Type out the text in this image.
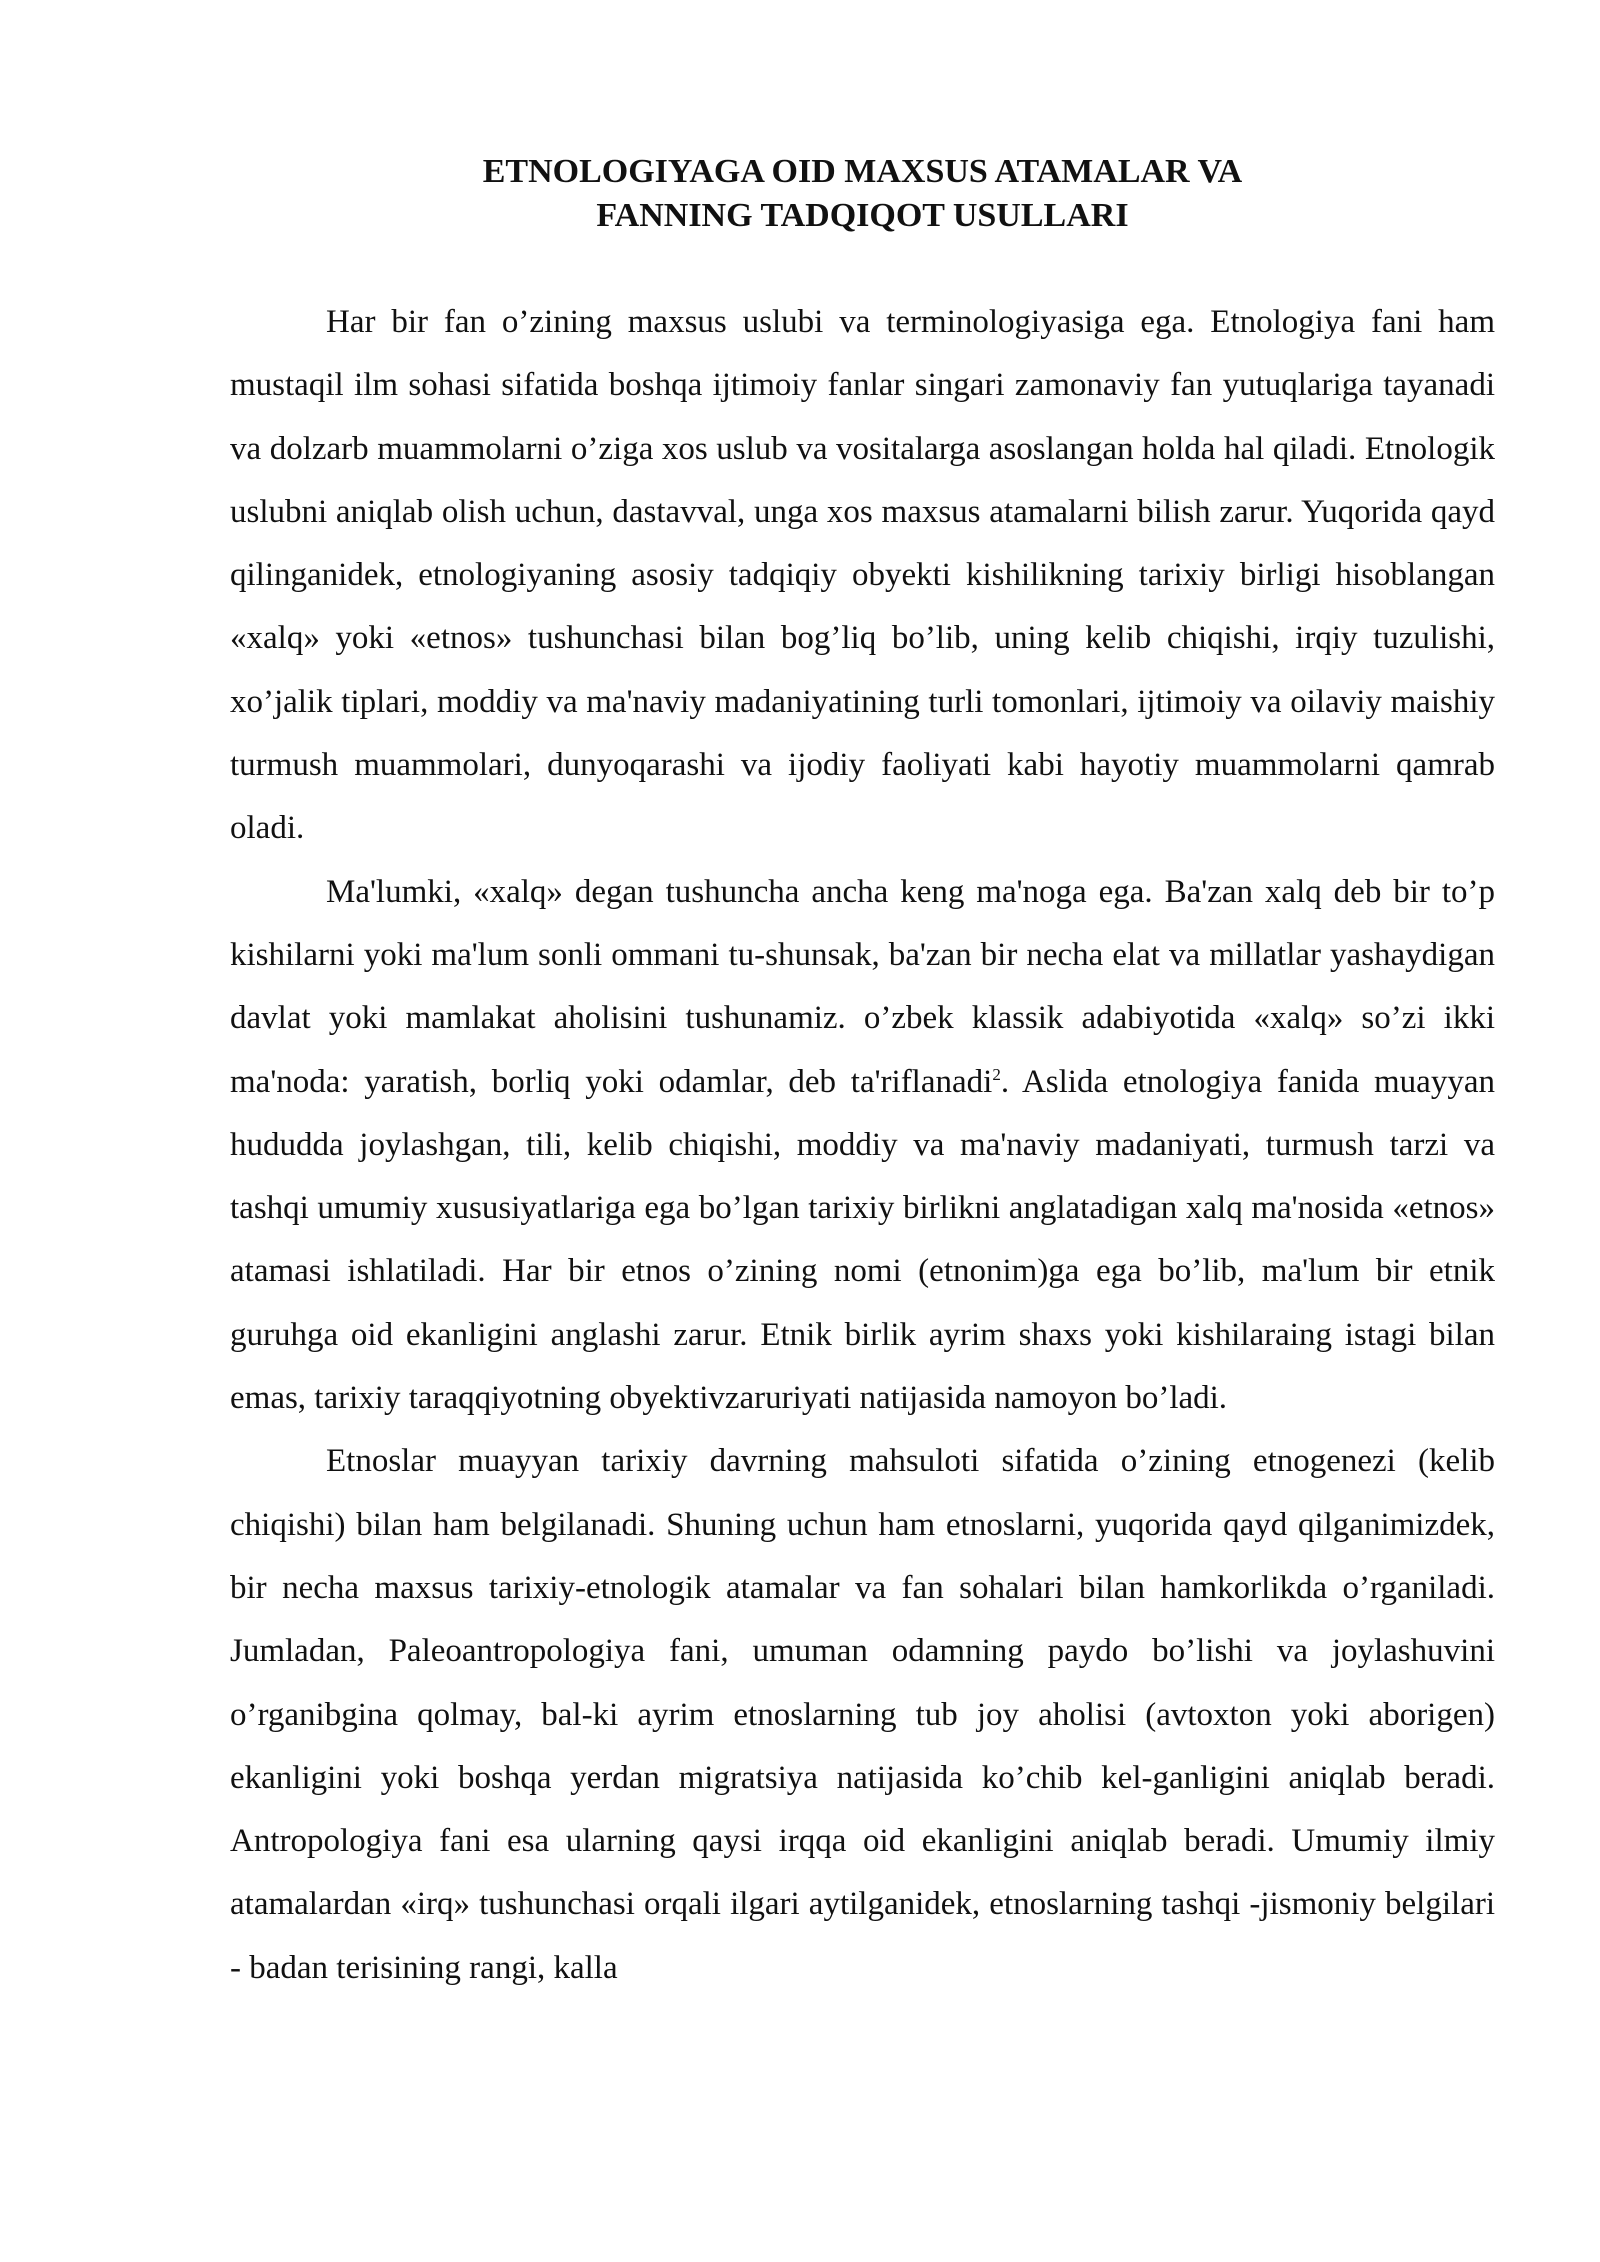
ETNOLOGIYAGA OID MAXSUS ATAMALAR VA
FANNING TADQIQOT USULLARI

Har bir fan o’zining maxsus uslubi va terminologiyasiga ega. Etnologiya fani ham mustaqil ilm sohasi sifatida boshqa ijtimoiy fanlar singari zamonaviy fan yutuqlariga tayanadi va dolzarb muammolarni o’ziga xos uslub va vositalarga asoslangan holda hal qiladi. Etnologik uslubni aniqlab olish uchun, dastavval, unga xos maxsus atamalarni bilish zarur. Yuqorida qayd qilinganidek, etnologiyaning asosiy tadqiqiy obyekti kishilikning tarixiy birligi hisoblangan «xalq» yoki «etnos» tushunchasi bilan bog’liq bo’lib, uning kelib chiqishi, irqiy tuzulishi, xo’jalik tiplari, moddiy va ma'naviy madaniyatining turli tomonlari, ijtimoiy va oilaviy maishiy turmush muammolari, dunyoqarashi va ijodiy faoliyati kabi hayotiy muammolarni qamrab oladi.

Ma'lumki, «xalq» degan tushuncha ancha keng ma'noga ega. Ba'zan xalq deb bir to’p kishilarni yoki ma'lum sonli ommani tu-shunsak, ba'zan bir necha elat va millatlar yashaydigan davlat yoki mamlakat aholisini tushunamiz. o’zbek klassik adabiyotida «xalq» so’zi ikki ma'noda: yaratish, borliq yoki odamlar, deb ta'riflanadi$^2$. Aslida etnologiya fanida muayyan hududda joylashgan, tili, kelib chiqishi, moddiy va ma'naviy madaniyati, turmush tarzi va tashqi umumiy xususiyatlariga ega bo’lgan tarixiy birlikni anglatadigan xalq ma'nosida «etnos» atamasi ishlatiladi. Har bir etnos o’zining nomi (etnonim)ga ega bo’lib, ma'lum bir etnik guruhga oid ekanligini anglashi zarur. Etnik birlik ayrim shaxs yoki kishilaraing istagi bilan emas, tarixiy taraqqiyotning obyektivzaruriyati natijasida namoyon bo’ladi.

Etnoslar muayyan tarixiy davrning mahsuloti sifatida o’zining etnogenezi (kelib chiqishi) bilan ham belgilanadi. Shuning uchun ham etnoslarni, yuqorida qayd qilganimizdek, bir necha maxsus tarixiy-etnologik atamalar va fan sohalari bilan hamkorlikda o’rganiladi. Jumladan, Paleoantropologiya fani, umuman odamning paydo bo’lishi va joylashuvini o’rganibgina qolmay, bal-ki ayrim etnoslarning tub joy aholisi (avtoxton yoki aborigen) ekanligini yoki boshqa yerdan migratsiya natijasida ko’chib kel-ganligini aniqlab beradi. Antropologiya fani esa ularning qaysi irqqa oid ekanligini aniqlab beradi. Umumiy ilmiy atamalardan «irq» tushunchasi orqali ilgari aytilganidek, etnoslarning tashqi -jismoniy belgilari - badan terisining rangi, kalla
